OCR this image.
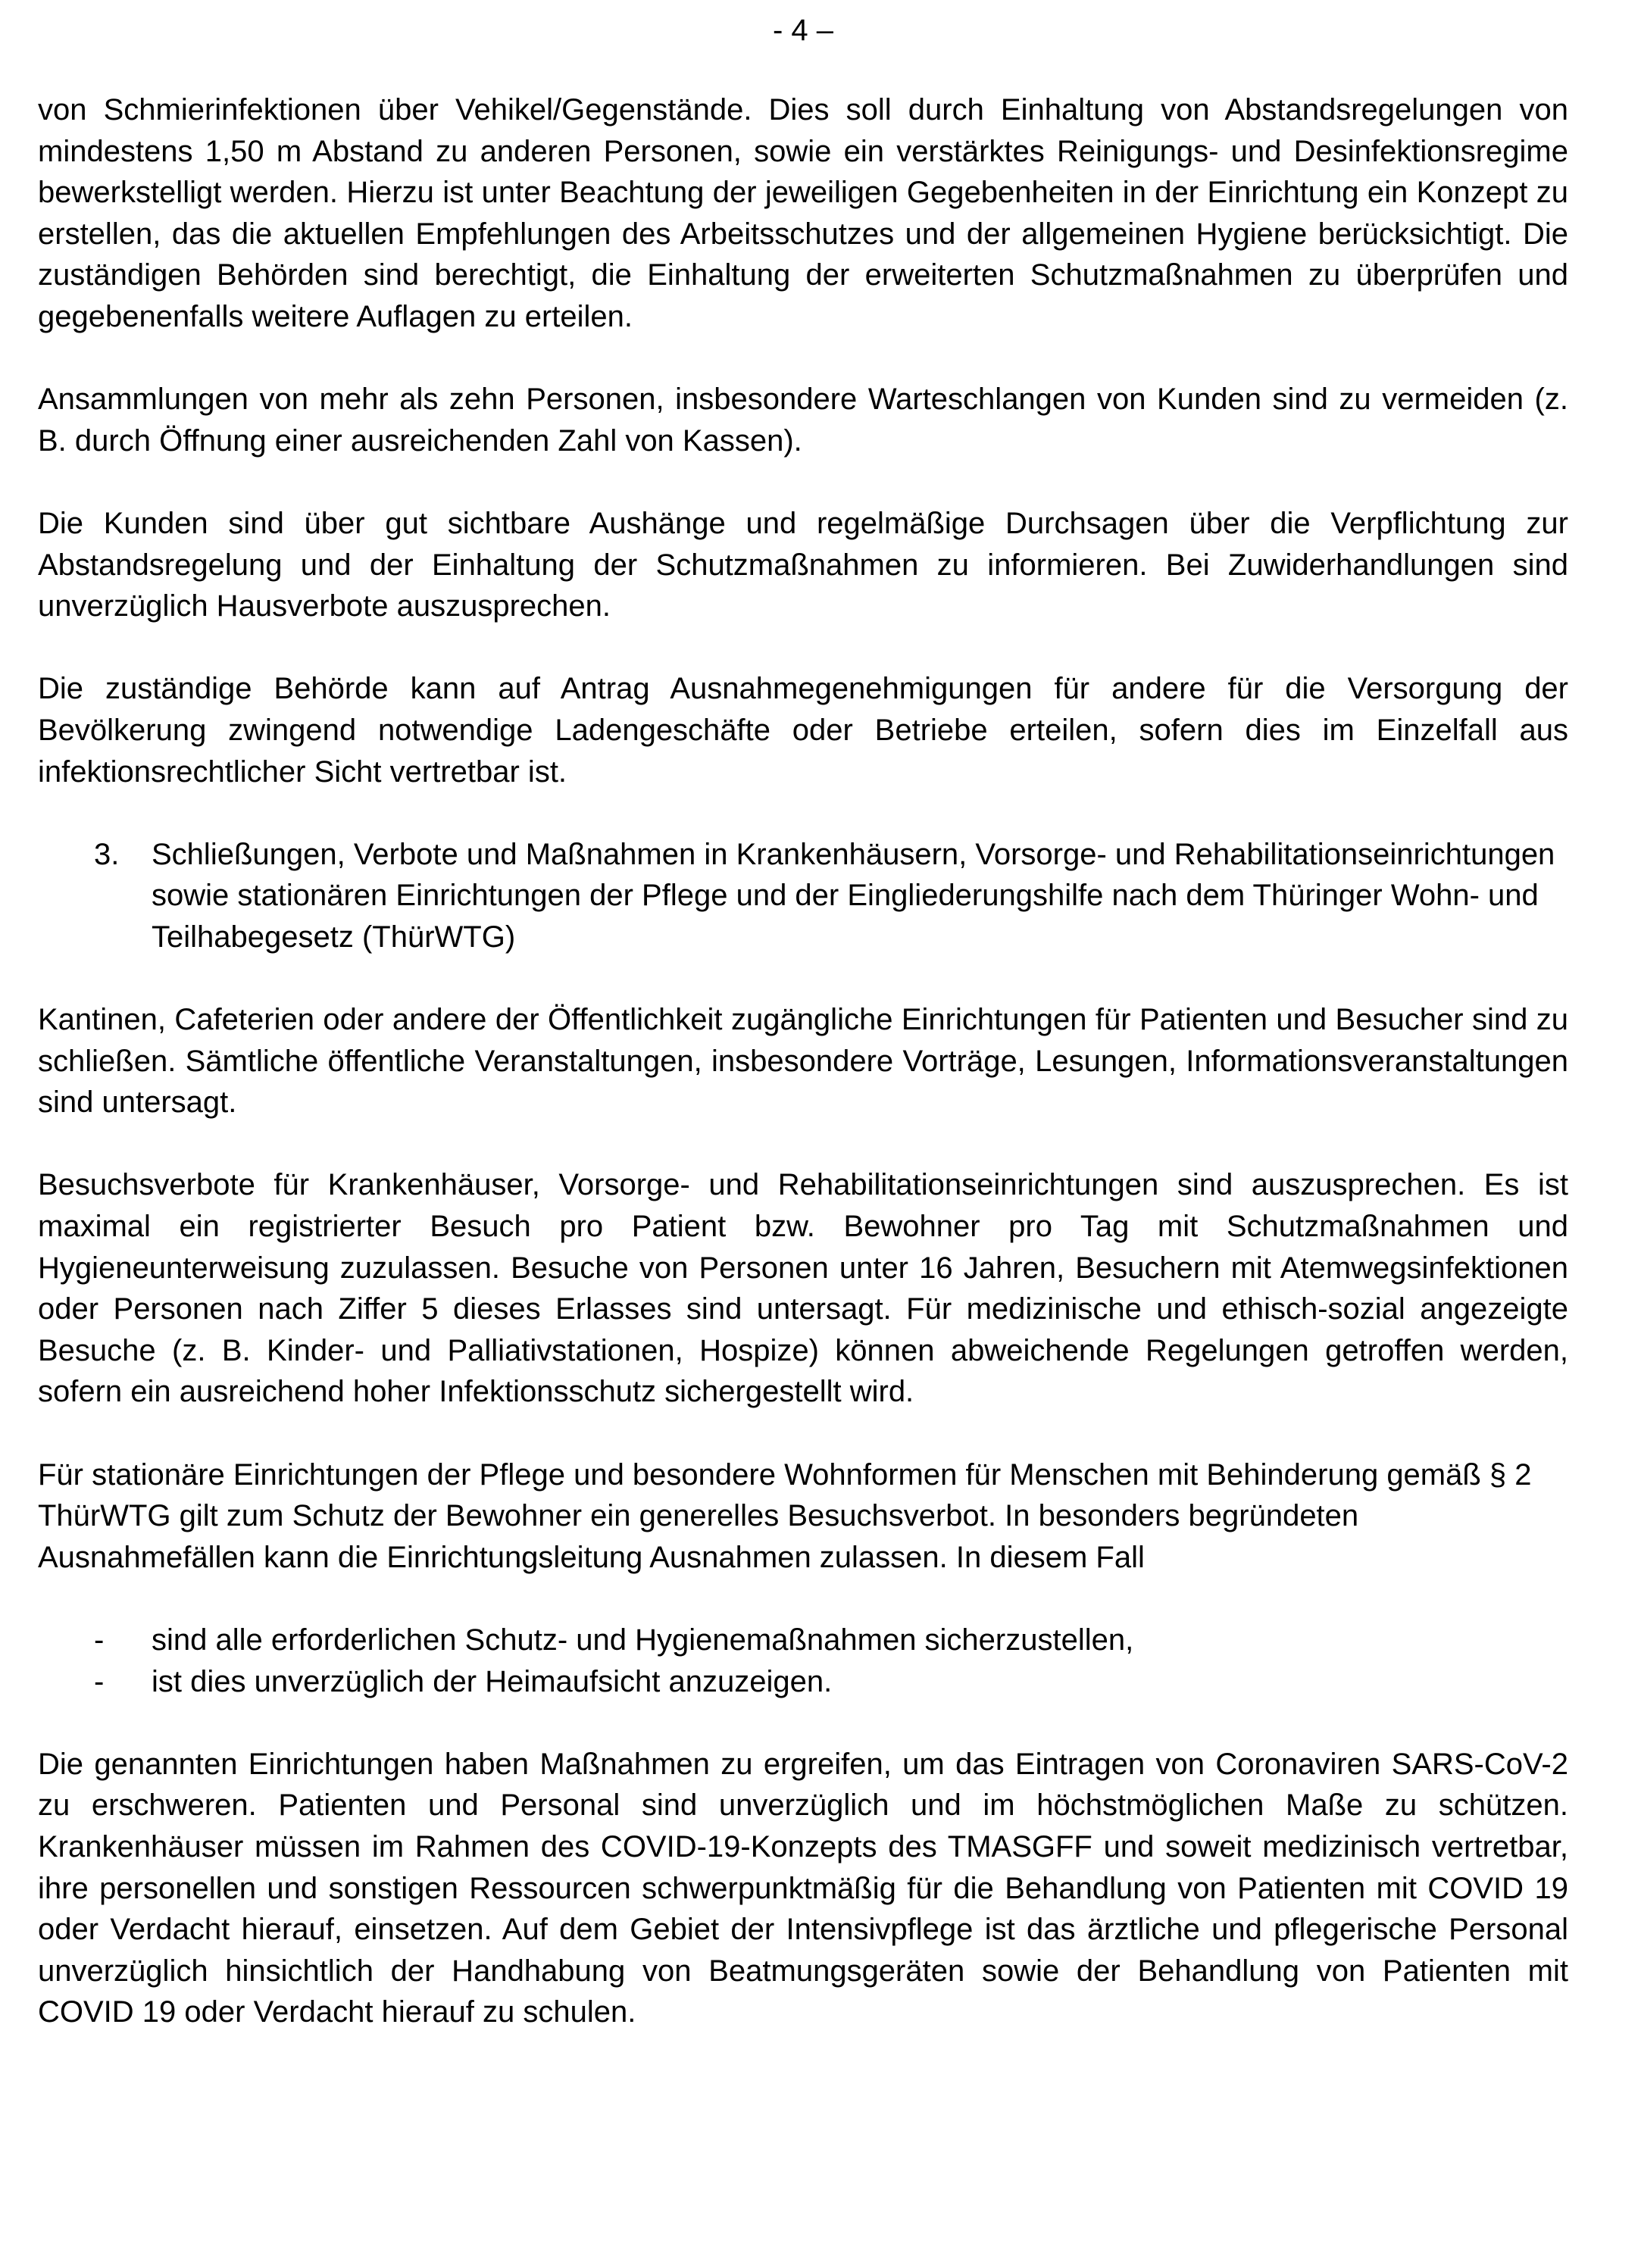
- 4 –

von Schmierinfektionen über Vehikel/Gegenstände. Dies soll durch Einhaltung von Abstandsregelungen von mindestens 1,50 m Abstand zu anderen Personen, sowie ein verstärktes Reinigungs- und Desinfektionsregime bewerkstelligt werden. Hierzu ist unter Beachtung der jeweiligen Gegebenheiten in der Einrichtung ein Konzept zu erstellen, das die aktuellen Empfehlungen des Arbeitsschutzes und der allgemeinen Hygiene berücksichtigt. Die zuständigen Behörden sind berechtigt, die Einhaltung der erweiterten Schutzmaßnahmen zu überprüfen und gegebenenfalls weitere Auflagen zu erteilen.

Ansammlungen von mehr als zehn Personen, insbesondere Warteschlangen von Kunden sind zu vermeiden (z. B. durch Öffnung einer ausreichenden Zahl von Kassen).

Die Kunden sind über gut sichtbare Aushänge und regelmäßige Durchsagen über die Verpflichtung zur Abstandsregelung und der Einhaltung der Schutzmaßnahmen zu informieren. Bei Zuwiderhandlungen sind unverzüglich Hausverbote auszusprechen.

Die zuständige Behörde kann auf Antrag Ausnahmegenehmigungen für andere für die Versorgung der Bevölkerung zwingend notwendige Ladengeschäfte oder Betriebe erteilen, sofern dies im Einzelfall aus infektionsrechtlicher Sicht vertretbar ist.

3.	Schließungen, Verbote und Maßnahmen in Krankenhäusern, Vorsorge- und Rehabilitationseinrichtungen sowie stationären Einrichtungen der Pflege und der Eingliederungshilfe nach dem Thüringer Wohn- und Teilhabegesetz (ThürWTG)

Kantinen, Cafeterien oder andere der Öffentlichkeit zugängliche Einrichtungen für Patienten und Besucher sind zu schließen. Sämtliche öffentliche Veranstaltungen, insbesondere Vorträge, Lesungen, Informationsveranstaltungen sind untersagt.

Besuchsverbote für Krankenhäuser, Vorsorge- und Rehabilitationseinrichtungen sind auszusprechen. Es ist maximal ein registrierter Besuch pro Patient bzw. Bewohner pro Tag mit Schutzmaßnahmen und Hygieneunterweisung zuzulassen. Besuche von Personen unter 16 Jahren, Besuchern mit Atemwegsinfektionen oder Personen nach Ziffer 5 dieses Erlasses sind untersagt. Für medizinische und ethisch-sozial angezeigte Besuche (z. B. Kinder- und Palliativstationen, Hospize) können abweichende Regelungen getroffen werden, sofern ein ausreichend hoher Infektionsschutz sichergestellt wird.

Für stationäre Einrichtungen der Pflege und besondere Wohnformen für Menschen mit Behinderung gemäß § 2 ThürWTG gilt zum Schutz der Bewohner ein generelles Besuchsverbot. In besonders begründeten Ausnahmefällen kann die Einrichtungsleitung Ausnahmen zulassen. In diesem Fall

-	sind alle erforderlichen Schutz- und Hygienemaßnahmen sicherzustellen,
-	ist dies unverzüglich der Heimaufsicht anzuzeigen.

Die genannten Einrichtungen haben Maßnahmen zu ergreifen, um das Eintragen von Coronaviren SARS-CoV-2 zu erschweren. Patienten und Personal sind unverzüglich und im höchstmöglichen Maße zu schützen. Krankenhäuser müssen im Rahmen des COVID-19-Konzepts des TMASGFF und soweit medizinisch vertretbar, ihre personellen und sonstigen Ressourcen schwerpunktmäßig für die Behandlung von Patienten mit COVID 19 oder Verdacht hierauf, einsetzen. Auf dem Gebiet der Intensivpflege ist das ärztliche und pflegerische Personal unverzüglich hinsichtlich der Handhabung von Beatmungsgeräten sowie der Behandlung von Patienten mit COVID 19 oder Verdacht hierauf zu schulen.
